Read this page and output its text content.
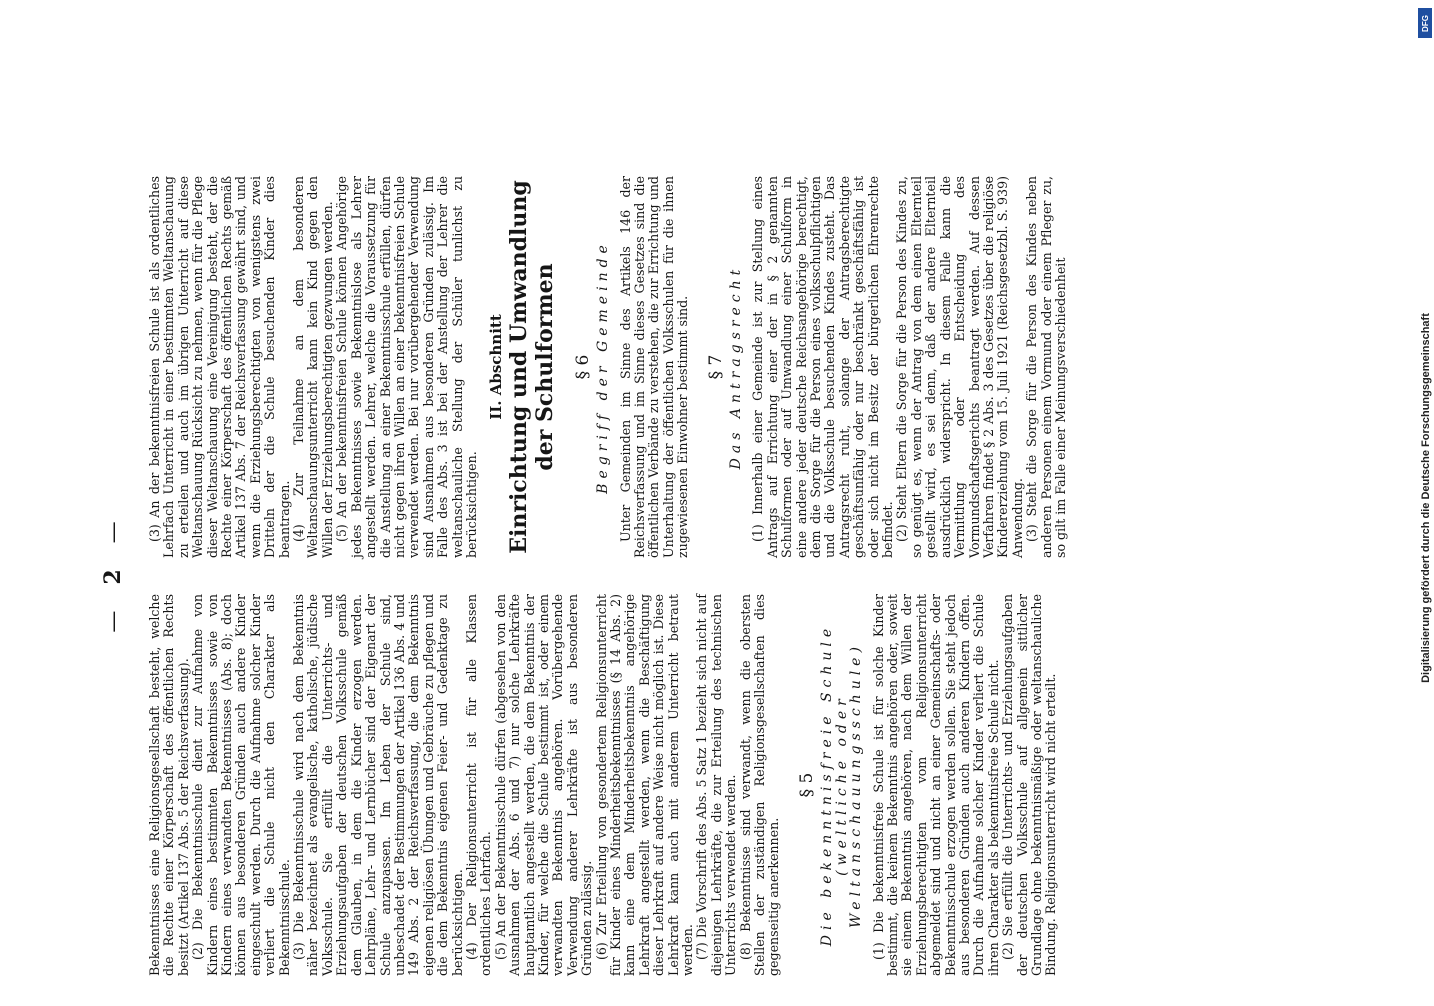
—2—
Bekenntnisses eine Religionsgesellschaft besteht, welche die Rechte einer Körperschaft des öffentlichen Rechts besitzt (Artikel 137 Abs. 5 der Reichsverfassung). (2) Die Bekenntnisschule dient zur Aufnahme von Kindern eines bestimmten Bekenntnisses sowie von Kindern eines verwandten Bekenntnisses (Abs. 8); doch können aus besonderen Gründen auch andere Kinder eingeschult werden. Durch die Aufnahme solcher Kinder verliert die Schule nicht den Charakter als Bekenntnisschule. (3) Die Bekenntnisschule wird nach dem Bekenntnis näher bezeichnet als evangelische, katholische, jüdische Volksschule. Sie erfüllt die Unterrichts- und Erziehungsaufgaben der deutschen Volksschule gemäß dem Glauben, in dem die Kinder erzogen werden. Lehrpläne, Lehr- und Lernbücher sind der Eigenart der Schule anzupassen. Im Leben der Schule sind, unbeschadet der Bestimmungen der Artikel 136 Abs. 4 und 149 Abs. 2 der Reichsverfassung, die dem Bekenntnis eigenen religiösen Übungen und Gebräuche zu pflegen und die dem Bekenntnis eigenen Feier- und Gedenktage zu berücksichtigen. (4) Der Religionsunterricht ist für alle Klassen ordentliches Lehrfach. (5) An der Bekenntnisschule dürfen (abgesehen von den Ausnahmen der Abs. 6 und 7) nur solche Lehrkräfte hauptamtlich angestellt werden, die dem Bekenntnis der Kinder, für welche die Schule bestimmt ist, oder einem verwandten Bekenntnis angehören. Vorübergehende Verwendung anderer Lehrkräfte ist aus besonderen Gründen zulässig. (6) Zur Erteilung von gesondertem Religionsunterricht für Kinder eines Minderheitsbekenntnisses (§ 14 Abs. 2) kann eine dem Minderheitsbekenntnis angehörige Lehrkraft angestellt werden, wenn die Beschäftigung dieser Lehrkraft auf andere Weise nicht möglich ist. Diese Lehrkraft kann auch mit anderem Unterricht betraut werden. (7) Die Vorschrift des Abs. 5 Satz 1 bezieht sich nicht auf diejenigen Lehrkräfte, die zur Erteilung des technischen Unterrichts verwendet werden. (8) Bekenntnisse sind verwandt, wenn die obersten Stellen der zuständigen Religionsgesellschaften dies gegenseitig anerkennen.
§ 5 Die bekenntnisfreie Schule (weltliche oder Weltanschauungsschule) (1) Die bekenntnisfreie Schule ist für solche Kinder bestimmt, die keinem Bekenntnis angehören oder, soweit sie einem Bekenntnis angehören, nach dem Willen der Erziehungsberechtigten vom Religionsunterricht abgemeldet sind und nicht an einer Gemeinschafts- oder Bekenntnisschule erzogen werden sollen. Sie steht jedoch aus besonderen Gründen auch anderen Kindern offen. Durch die Aufnahme solcher Kinder verliert die Schule ihren Charakter als bekenntnisfreie Schule nicht. (2) Sie erfüllt die Unterrichts- und Erziehungsaufgaben der deutschen Volksschule auf allgemein sittlicher Grundlage ohne bekenntnismäßige oder weltanschauliche Bindung. Religionsunterricht wird nicht erteilt.
(3) An der bekenntnisfreien Schule ist als ordentliches Lehrfach Unterricht in einer bestimmten Weltanschauung zu erteilen und auch im übrigen Unterricht auf diese Weltanschauung Rücksicht zu nehmen, wenn für die Pflege dieser Weltanschauung eine Vereinigung besteht, der die Rechte einer Körperschaft des öffentlichen Rechts gemäß Artikel 137 Abs. 7 der Reichsverfassung gewährt sind, und wenn die Erziehungsberechtigten von wenigstens zwei Dritteln der die Schule besuchenden Kinder dies beantragen. (4) Zur Teilnahme an dem besonderen Weltanschauungsunterricht kann kein Kind gegen den Willen der Erziehungsberechtigten gezwungen werden. (5) An der bekenntnisfreien Schule können Angehörige jedes Bekenntnisses sowie Bekenntnislose als Lehrer angestellt werden. Lehrer, welche die Voraussetzung für die Anstellung an einer Bekenntnisschule erfüllen, dürfen nicht gegen ihren Willen an einer bekenntnisfreien Schule verwendet werden. Bei nur vorübergehender Verwendung sind Ausnahmen aus besonderen Gründen zulässig. Im Falle des Abs. 3 ist bei der Anstellung der Lehrer die weltanschauliche Stellung der Schüler tunlichst zu berücksichtigen.
II. Abschnitt Einrichtung und Umwandlung der Schulformen § 6 Begriff der Gemeinde Unter Gemeinden im Sinne des Artikels 146 der Reichsverfassung und im Sinne dieses Gesetzes sind die öffentlichen Verbände zu verstehen, die zur Errichtung und Unterhaltung der öffentlichen Volksschulen für die ihnen zugewiesenen Einwohner bestimmt sind. § 7 Das Antragsrecht (1) Innerhalb einer Gemeinde ist zur Stellung eines Antrags auf Errichtung einer der in § 2 genannten Schulformen oder auf Umwandlung einer Schulform in eine andere jeder deutsche Reichsangehörige berechtigt, dem die Sorge für die Person eines volksschulpflichtigen und die Volksschule besuchenden Kindes zusteht. Das Antragsrecht ruht, solange der Antragsberechtigte geschäftsunfähig oder nur beschränkt geschäftsfähig ist oder sich nicht im Besitz der bürgerlichen Ehrenrechte befindet. (2) Steht Eltern die Sorge für die Person des Kindes zu, so genügt es, wenn der Antrag von dem einen Elternteil gestellt wird, es sei denn, daß der andere Elternteil ausdrücklich widerspricht. In diesem Falle kann die Vermittlung oder Entscheidung des Vormundschaftsgerichts beantragt werden. Auf dessen Verfahren findet § 2 Abs. 3 des Gesetzes über die religiöse Kindererziehung vom 15. Juli 1921 (Reichsgesetzbl. S. 939) Anwendung. (3) Steht die Sorge für die Person des Kindes neben anderen Personen einem Vormund oder einem Pfleger zu, so gilt im Falle einer Meinungsverschiedenheit
DFG
Digitalisierung gefördert durch die Deutsche Forschungsgemeinschaft
